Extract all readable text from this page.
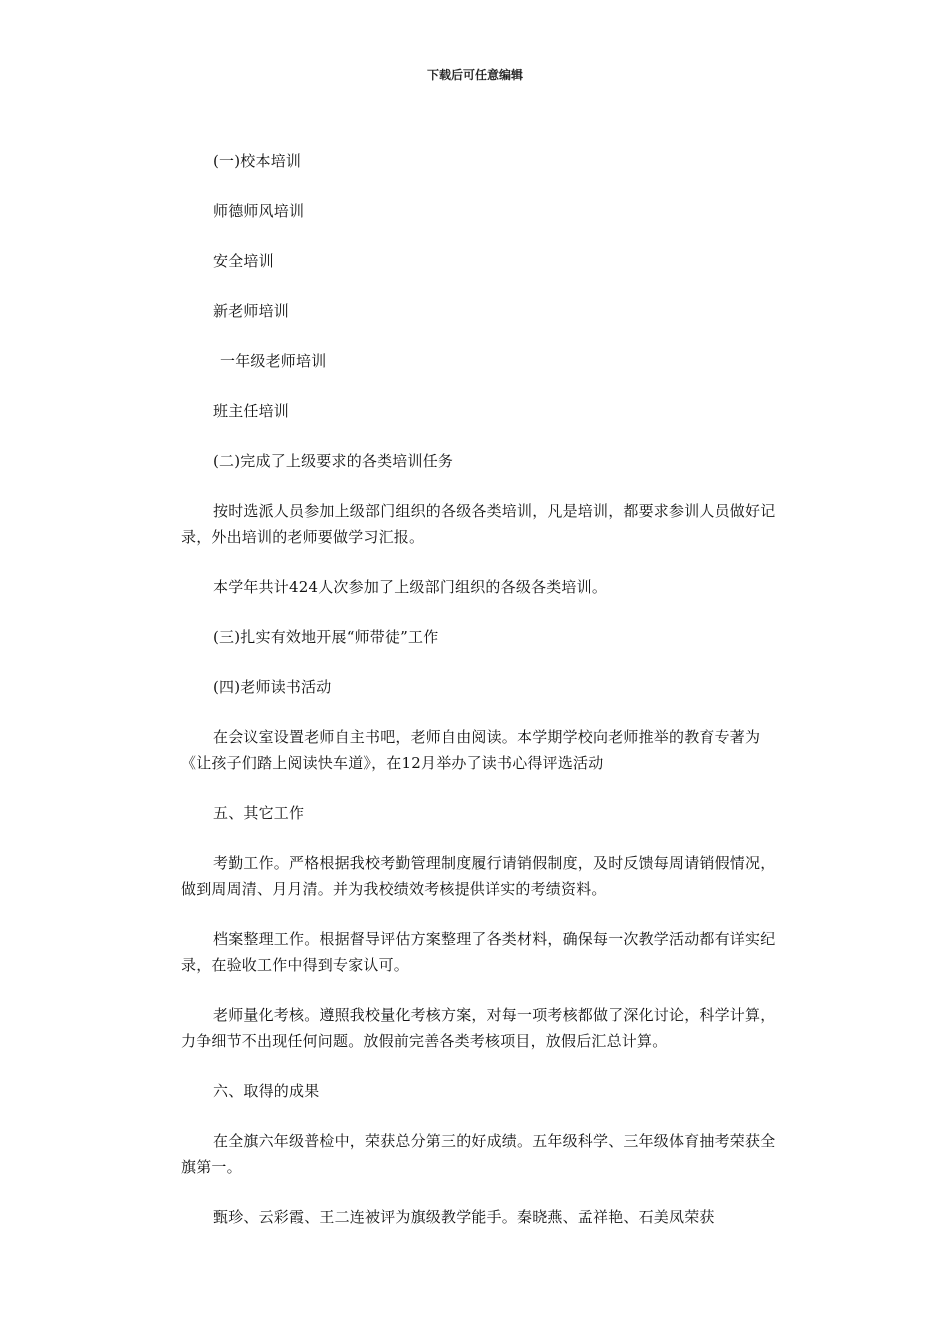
下载后可任意编辑

(一)校本培训

师德师风培训

安全培训

新老师培训

一年级老师培训

班主任培训

(二)完成了上级要求的各类培训任务

按时选派人员参加上级部门组织的各级各类培训，凡是培训，都要求参训人员做好记录，外出培训的老师要做学习汇报。

本学年共计424人次参加了上级部门组织的各级各类培训。

(三)扎实有效地开展“师带徒”工作

(四)老师读书活动

在会议室设置老师自主书吧，老师自由阅读。本学期学校向老师推举的教育专著为《让孩子们踏上阅读快车道》，在12月举办了读书心得评选活动

五、其它工作

考勤工作。严格根据我校考勤管理制度履行请销假制度，及时反馈每周请销假情况，做到周周清、月月清。并为我校绩效考核提供详实的考绩资料。

档案整理工作。根据督导评估方案整理了各类材料，确保每一次教学活动都有详实纪录，在验收工作中得到专家认可。

老师量化考核。遵照我校量化考核方案，对每一项考核都做了深化讨论，科学计算，力争细节不出现任何问题。放假前完善各类考核项目，放假后汇总计算。

六、取得的成果

在全旗六年级普检中，荣获总分第三的好成绩。五年级科学、三年级体育抽考荣获全旗第一。

甄珍、云彩霞、王二连被评为旗级教学能手。秦晓燕、孟祥艳、石美凤荣获
